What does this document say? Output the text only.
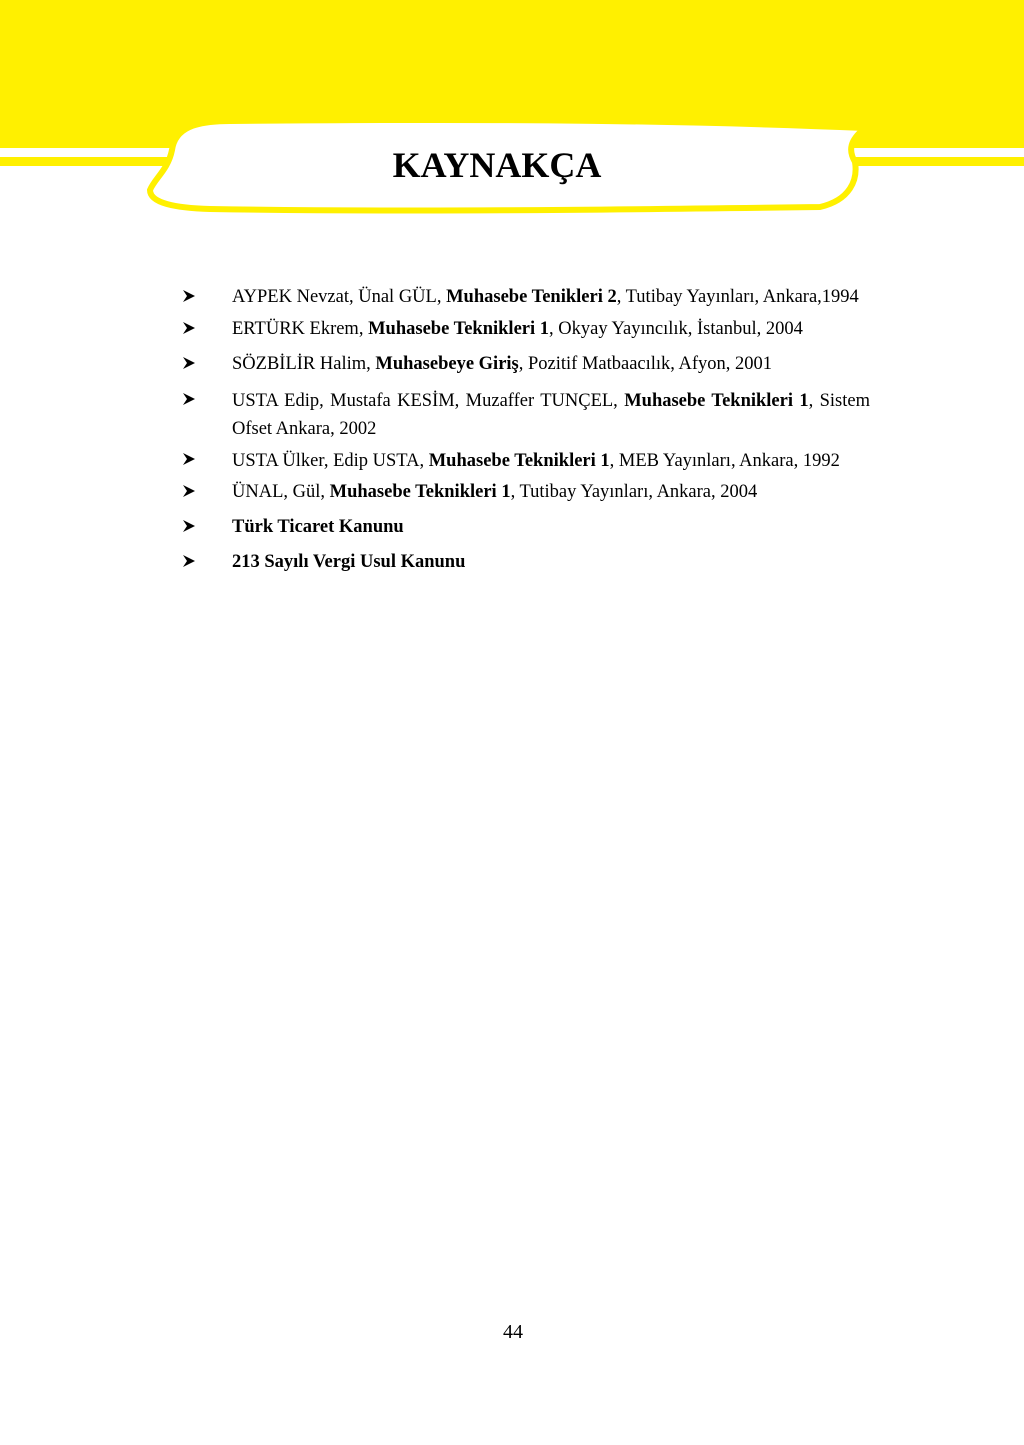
KAYNAKÇA
AYPEK Nevzat, Ünal GÜL, Muhasebe Tenikleri 2, Tutibay Yayınları, Ankara,1994
ERTÜRK Ekrem, Muhasebe Teknikleri 1, Okyay Yayıncılık, İstanbul, 2004
SÖZBİLİR Halim, Muhasebeye Giriş, Pozitif Matbaacılık, Afyon, 2001
USTA Edip, Mustafa KESİM, Muzaffer TUNÇEL, Muhasebe Teknikleri 1, Sistem Ofset Ankara, 2002
USTA Ülker, Edip USTA, Muhasebe Teknikleri 1, MEB Yayınları, Ankara, 1992
ÜNAL, Gül, Muhasebe Teknikleri 1, Tutibay Yayınları, Ankara, 2004
Türk Ticaret Kanunu
213 Sayılı Vergi Usul Kanunu
44
